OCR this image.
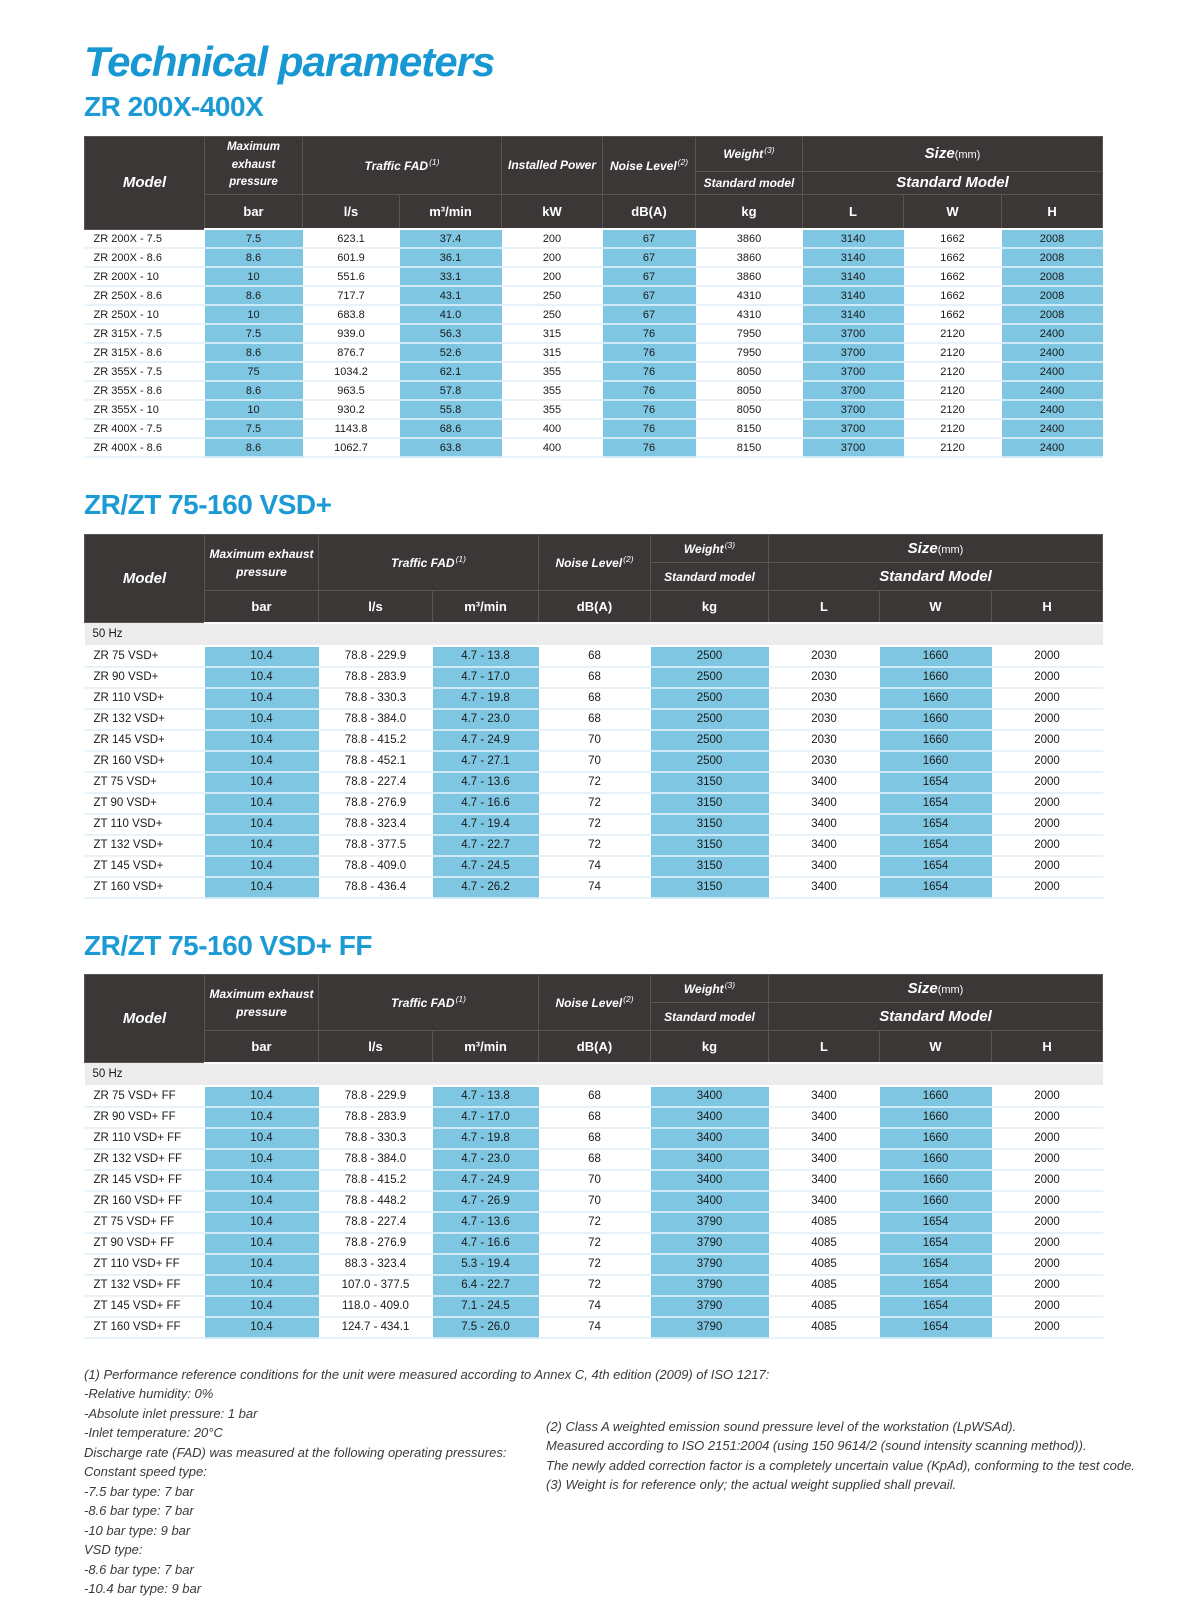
Technical parameters
ZR 200X-400X
Model	Maximum exhaust pressure	Traffic FAD$^{(1)}$		Installed Power	Noise Level$^{(2)}$	Weight$^{(3)}$	Size(mm)		
						Standard model	Standard Model		
	bar	l/s	m³/min	kW	dB(A)	kg	L	W	H
ZR 200X - 7.5	7.5	623.1	37.4	200	67	3860	3140	1662	2008
ZR 200X - 8.6	8.6	601.9	36.1	200	67	3860	3140	1662	2008
ZR 200X - 10	10	551.6	33.1	200	67	3860	3140	1662	2008
ZR 250X - 8.6	8.6	717.7	43.1	250	67	4310	3140	1662	2008
ZR 250X - 10	10	683.8	41.0	250	67	4310	3140	1662	2008
ZR 315X - 7.5	7.5	939.0	56.3	315	76	7950	3700	2120	2400
ZR 315X - 8.6	8.6	876.7	52.6	315	76	7950	3700	2120	2400
ZR 355X - 7.5	75	1034.2	62.1	355	76	8050	3700	2120	2400
ZR 355X - 8.6	8.6	963.5	57.8	355	76	8050	3700	2120	2400
ZR 355X - 10	10	930.2	55.8	355	76	8050	3700	2120	2400
ZR 400X - 7.5	7.5	1143.8	68.6	400	76	8150	3700	2120	2400
ZR 400X - 8.6	8.6	1062.7	63.8	400	76	8150	3700	2120	2400
ZR/ZT 75-160 VSD+
Model	Maximum exhaust pressure	Traffic FAD$^{(1)}$		Noise Level$^{(2)}$	Weight$^{(3)}$	Size(mm)		
					Standard model	Standard Model		
	bar	l/s	m³/min	dB(A)	kg	L	W	H
50 Hz								
ZR 75 VSD+	10.4	78.8 - 229.9	4.7 - 13.8	68	2500	2030	1660	2000
ZR 90 VSD+	10.4	78.8 - 283.9	4.7 - 17.0	68	2500	2030	1660	2000
ZR 110 VSD+	10.4	78.8 - 330.3	4.7 - 19.8	68	2500	2030	1660	2000
ZR 132 VSD+	10.4	78.8 - 384.0	4.7 - 23.0	68	2500	2030	1660	2000
ZR 145 VSD+	10.4	78.8 - 415.2	4.7 - 24.9	70	2500	2030	1660	2000
ZR 160 VSD+	10.4	78.8 - 452.1	4.7 - 27.1	70	2500	2030	1660	2000
ZT 75 VSD+	10.4	78.8 - 227.4	4.7 - 13.6	72	3150	3400	1654	2000
ZT 90 VSD+	10.4	78.8 - 276.9	4.7 - 16.6	72	3150	3400	1654	2000
ZT 110 VSD+	10.4	78.8 - 323.4	4.7 - 19.4	72	3150	3400	1654	2000
ZT 132 VSD+	10.4	78.8 - 377.5	4.7 - 22.7	72	3150	3400	1654	2000
ZT 145 VSD+	10.4	78.8 - 409.0	4.7 - 24.5	74	3150	3400	1654	2000
ZT 160 VSD+	10.4	78.8 - 436.4	4.7 - 26.2	74	3150	3400	1654	2000
ZR/ZT 75-160 VSD+ FF
Model	Maximum exhaust pressure	Traffic FAD$^{(1)}$		Noise Level$^{(2)}$	Weight$^{(3)}$	Size(mm)		
					Standard model	Standard Model		
	bar	l/s	m³/min	dB(A)	kg	L	W	H
50 Hz								
ZR 75 VSD+ FF	10.4	78.8 - 229.9	4.7 - 13.8	68	3400	3400	1660	2000
ZR 90 VSD+ FF	10.4	78.8 - 283.9	4.7 - 17.0	68	3400	3400	1660	2000
ZR 110 VSD+ FF	10.4	78.8 - 330.3	4.7 - 19.8	68	3400	3400	1660	2000
ZR 132 VSD+ FF	10.4	78.8 - 384.0	4.7 - 23.0	68	3400	3400	1660	2000
ZR 145 VSD+ FF	10.4	78.8 - 415.2	4.7 - 24.9	70	3400	3400	1660	2000
ZR 160 VSD+ FF	10.4	78.8 - 448.2	4.7 - 26.9	70	3400	3400	1660	2000
ZT 75 VSD+ FF	10.4	78.8 - 227.4	4.7 - 13.6	72	3790	4085	1654	2000
ZT 90 VSD+ FF	10.4	78.8 - 276.9	4.7 - 16.6	72	3790	4085	1654	2000
ZT 110 VSD+ FF	10.4	88.3 - 323.4	5.3 - 19.4	72	3790	4085	1654	2000
ZT 132 VSD+ FF	10.4	107.0 - 377.5	6.4 - 22.7	72	3790	4085	1654	2000
ZT 145 VSD+ FF	10.4	118.0 - 409.0	7.1 - 24.5	74	3790	4085	1654	2000
ZT 160 VSD+ FF	10.4	124.7 - 434.1	7.5 - 26.0	74	3790	4085	1654	2000
(1) Performance reference conditions for the unit were measured according to Annex C, 4th edition (2009) of ISO 1217:
-Relative humidity: 0%
-Absolute inlet pressure: 1 bar
-Inlet temperature: 20°C
Discharge rate (FAD) was measured at the following operating pressures:
Constant speed type:
-7.5 bar type: 7 bar
-8.6 bar type: 7 bar
-10 bar type: 9 bar
VSD type:
-8.6 bar type: 7 bar
-10.4 bar type: 9 bar
(2) Class A weighted emission sound pressure level of the workstation (LpWSAd).
Measured according to ISO 2151:2004 (using 150 9614/2 (sound intensity scanning method)).
The newly added correction factor is a completely uncertain value (KpAd), conforming to the test code.
(3) Weight is for reference only; the actual weight supplied shall prevail.
